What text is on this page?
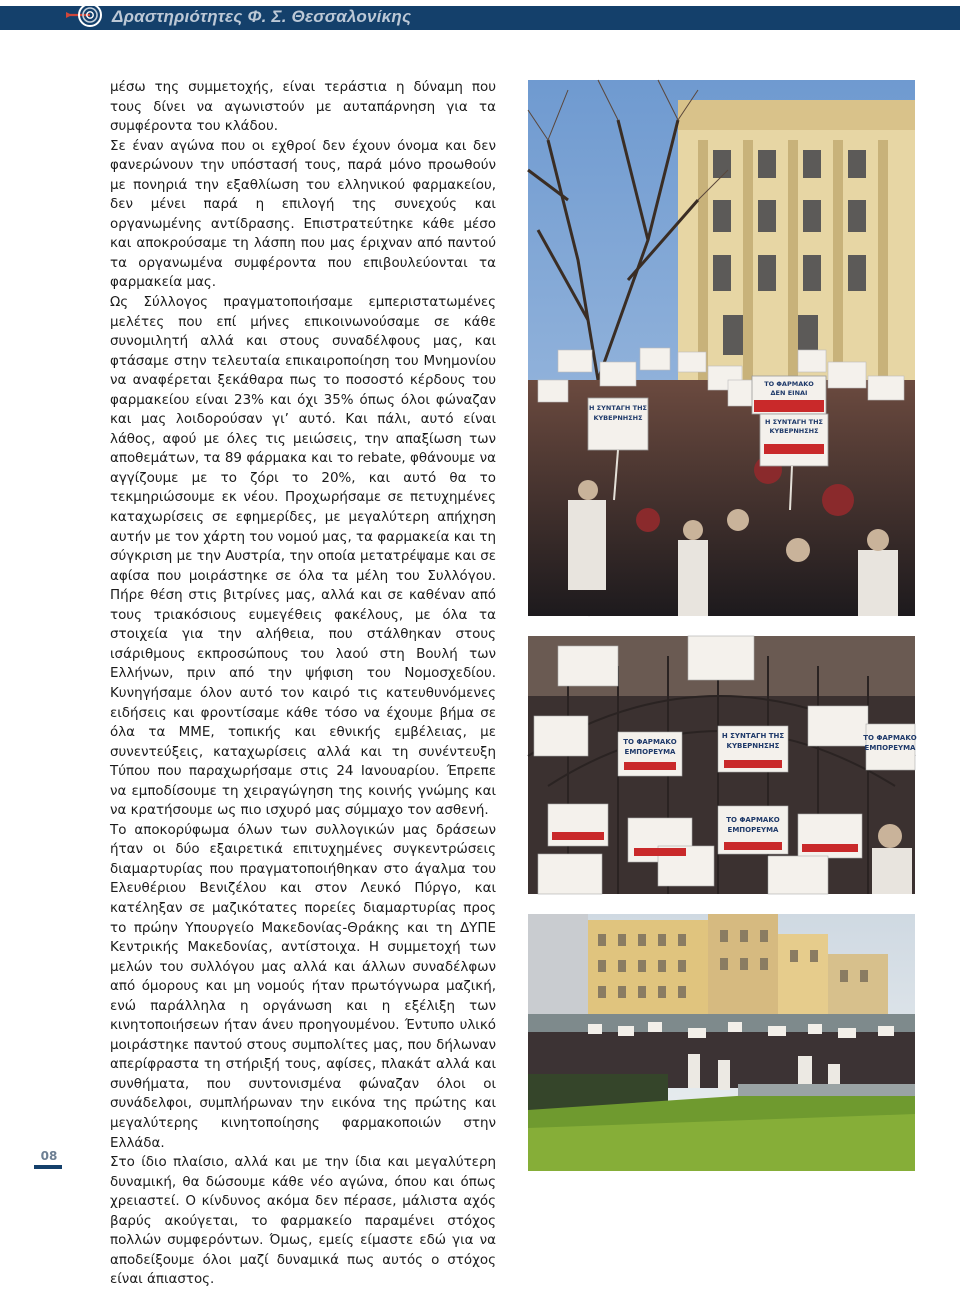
Δραστηριότητες Φ. Σ. Θεσσαλονίκης

μέσω της συμμετοχής, είναι τεράστια η δύναμη που τους δίνει να αγωνιστούν με αυταπάρνηση για τα συμφέροντα του κλάδου.

Σε έναν αγώνα που οι εχθροί δεν έχουν όνομα και δεν φανερώνουν την υπόστασή τους, παρά μόνο προωθούν με πονηριά την εξαθλίωση του ελληνικού φαρμακείου, δεν μένει παρά η επιλογή της συνεχούς και οργανωμένης αντίδρασης. Επιστρατεύτηκε κάθε μέσο και αποκρούσαμε τη λάσπη που μας έριχναν από παντού τα οργανωμένα συμφέροντα που επιβουλεύονται τα φαρμακεία μας.

Ως Σύλλογος πραγματοποιήσαμε εμπεριστατωμένες μελέτες που επί μήνες επικοινωνούσαμε σε κάθε συνομιλητή αλλά και στους συναδέλφους μας, και φτάσαμε στην τελευταία επικαιροποίηση του Μνημονίου να αναφέρεται ξεκάθαρα πως το ποσοστό κέρδους του φαρμακείου είναι 23% και όχι 35% όπως όλοι φώναζαν και μας λοιδορούσαν γι’ αυτό. Και πάλι, αυτό είναι λάθος, αφού με όλες τις μειώσεις, την απαξίωση των αποθεμάτων, τα 89 φάρμακα και το rebate, φθάνουμε να αγγίζουμε με το ζόρι το 20%, και αυτό θα το τεκμηριώσουμε εκ νέου. Προχωρήσαμε σε πετυχημένες καταχωρίσεις σε εφημερίδες, με μεγαλύτερη απήχηση αυτήν με τον χάρτη του νομού μας, τα φαρμακεία και τη σύγκριση με την Αυστρία, την οποία μετατρέψαμε και σε αφίσα που μοιράστηκε σε όλα τα μέλη του Συλλόγου. Πήρε θέση στις βιτρίνες μας, αλλά και σε καθέναν από τους τριακόσιους ευμεγέθεις φακέλους, με όλα τα στοιχεία για την αλήθεια, που στάλθηκαν στους ισάριθμους εκπροσώπους του λαού στη Βουλή των Ελλήνων, πριν από την ψήφιση του Νομοσχεδίου. Κυνηγήσαμε όλον αυτό τον καιρό τις κατευθυνόμενες ειδήσεις και φροντίσαμε κάθε τόσο να έχουμε βήμα σε όλα τα ΜΜΕ, τοπικής και εθνικής εμβέλειας, με συνεντεύξεις, καταχωρίσεις αλλά και τη συνέντευξη Τύπου που παραχωρήσαμε στις 24 Ιανουαρίου. Έπρεπε να εμποδίσουμε τη χειραγώγηση της κοινής γνώμης και να κρατήσουμε ως πιο ισχυρό μας σύμμαχο τον ασθενή.

Το αποκορύφωμα όλων των συλλογικών μας δράσεων ήταν οι δύο εξαιρετικά επιτυχημένες συγκεντρώσεις διαμαρτυρίας που πραγματοποιήθηκαν στο άγαλμα του Ελευθέριου Βενιζέλου και στον Λευκό Πύργο, και κατέληξαν σε μαζικότατες πορείες διαμαρτυρίας προς το πρώην Υπουργείο Μακεδονίας-Θράκης και τη ΔΥΠΕ Κεντρικής Μακεδονίας, αντίστοιχα. Η συμμετοχή των μελών του συλλόγου μας αλλά και άλλων συναδέλφων από όμορους και μη νομούς ήταν πρωτόγνωρα μαζική, ενώ παράλληλα η οργάνωση και η εξέλιξη των κινητοποιήσεων ήταν άνευ προηγουμένου. Έντυπο υλικό μοιράστηκε παντού στους συμπολίτες μας, που δήλωναν απερίφραστα τη στήριξή τους, αφίσες, πλακάτ αλλά και συνθήματα, που συντονισμένα φώναζαν όλοι οι συνάδελφοι, συμπλήρωναν την εικόνα της πρώτης και μεγαλύτερης κινητοποίησης φαρμακοποιών στην Ελλάδα.

Στο ίδιο πλαίσιο, αλλά και με την ίδια και μεγαλύτερη δυναμική, θα δώσουμε κάθε νέο αγώνα, όπου και όπως χρειαστεί. Ο κίνδυνος ακόμα δεν πέρασε, μάλιστα αχός βαρύς ακούγεται, το φαρμακείο παραμένει στόχος πολλών συμφερόντων. Όμως, εμείς είμαστε εδώ για να αποδείξουμε όλοι μαζί δυναμικά πως αυτός ο στόχος είναι άπιαστος.

ΤΟ ΦΑΡΜΑΚΟ
ΔΕΝ ΕΙΝΑΙ
Η ΣΥΝΤΑΓΗ ΤΗΣ
ΚΥΒΕΡΝΗΣΗΣ
Η ΣΥΝΤΑΓΗ ΤΗΣ
ΚΥΒΕΡΝΗΣΗΣ
ΤΟ ΦΑΡΜΑΚΟ
ΕΜΠΟΡΕΥΜΑ
Η ΣΥΝΤΑΓΗ ΤΗΣ
ΚΥΒΕΡΝΗΣΗΣ
ΤΟ ΦΑΡΜΑΚΟ
ΕΜΠΟΡΕΥΜΑ
ΤΟ ΦΑΡΜΑΚΟ
ΕΜΠΟΡΕΥΜΑ
08
